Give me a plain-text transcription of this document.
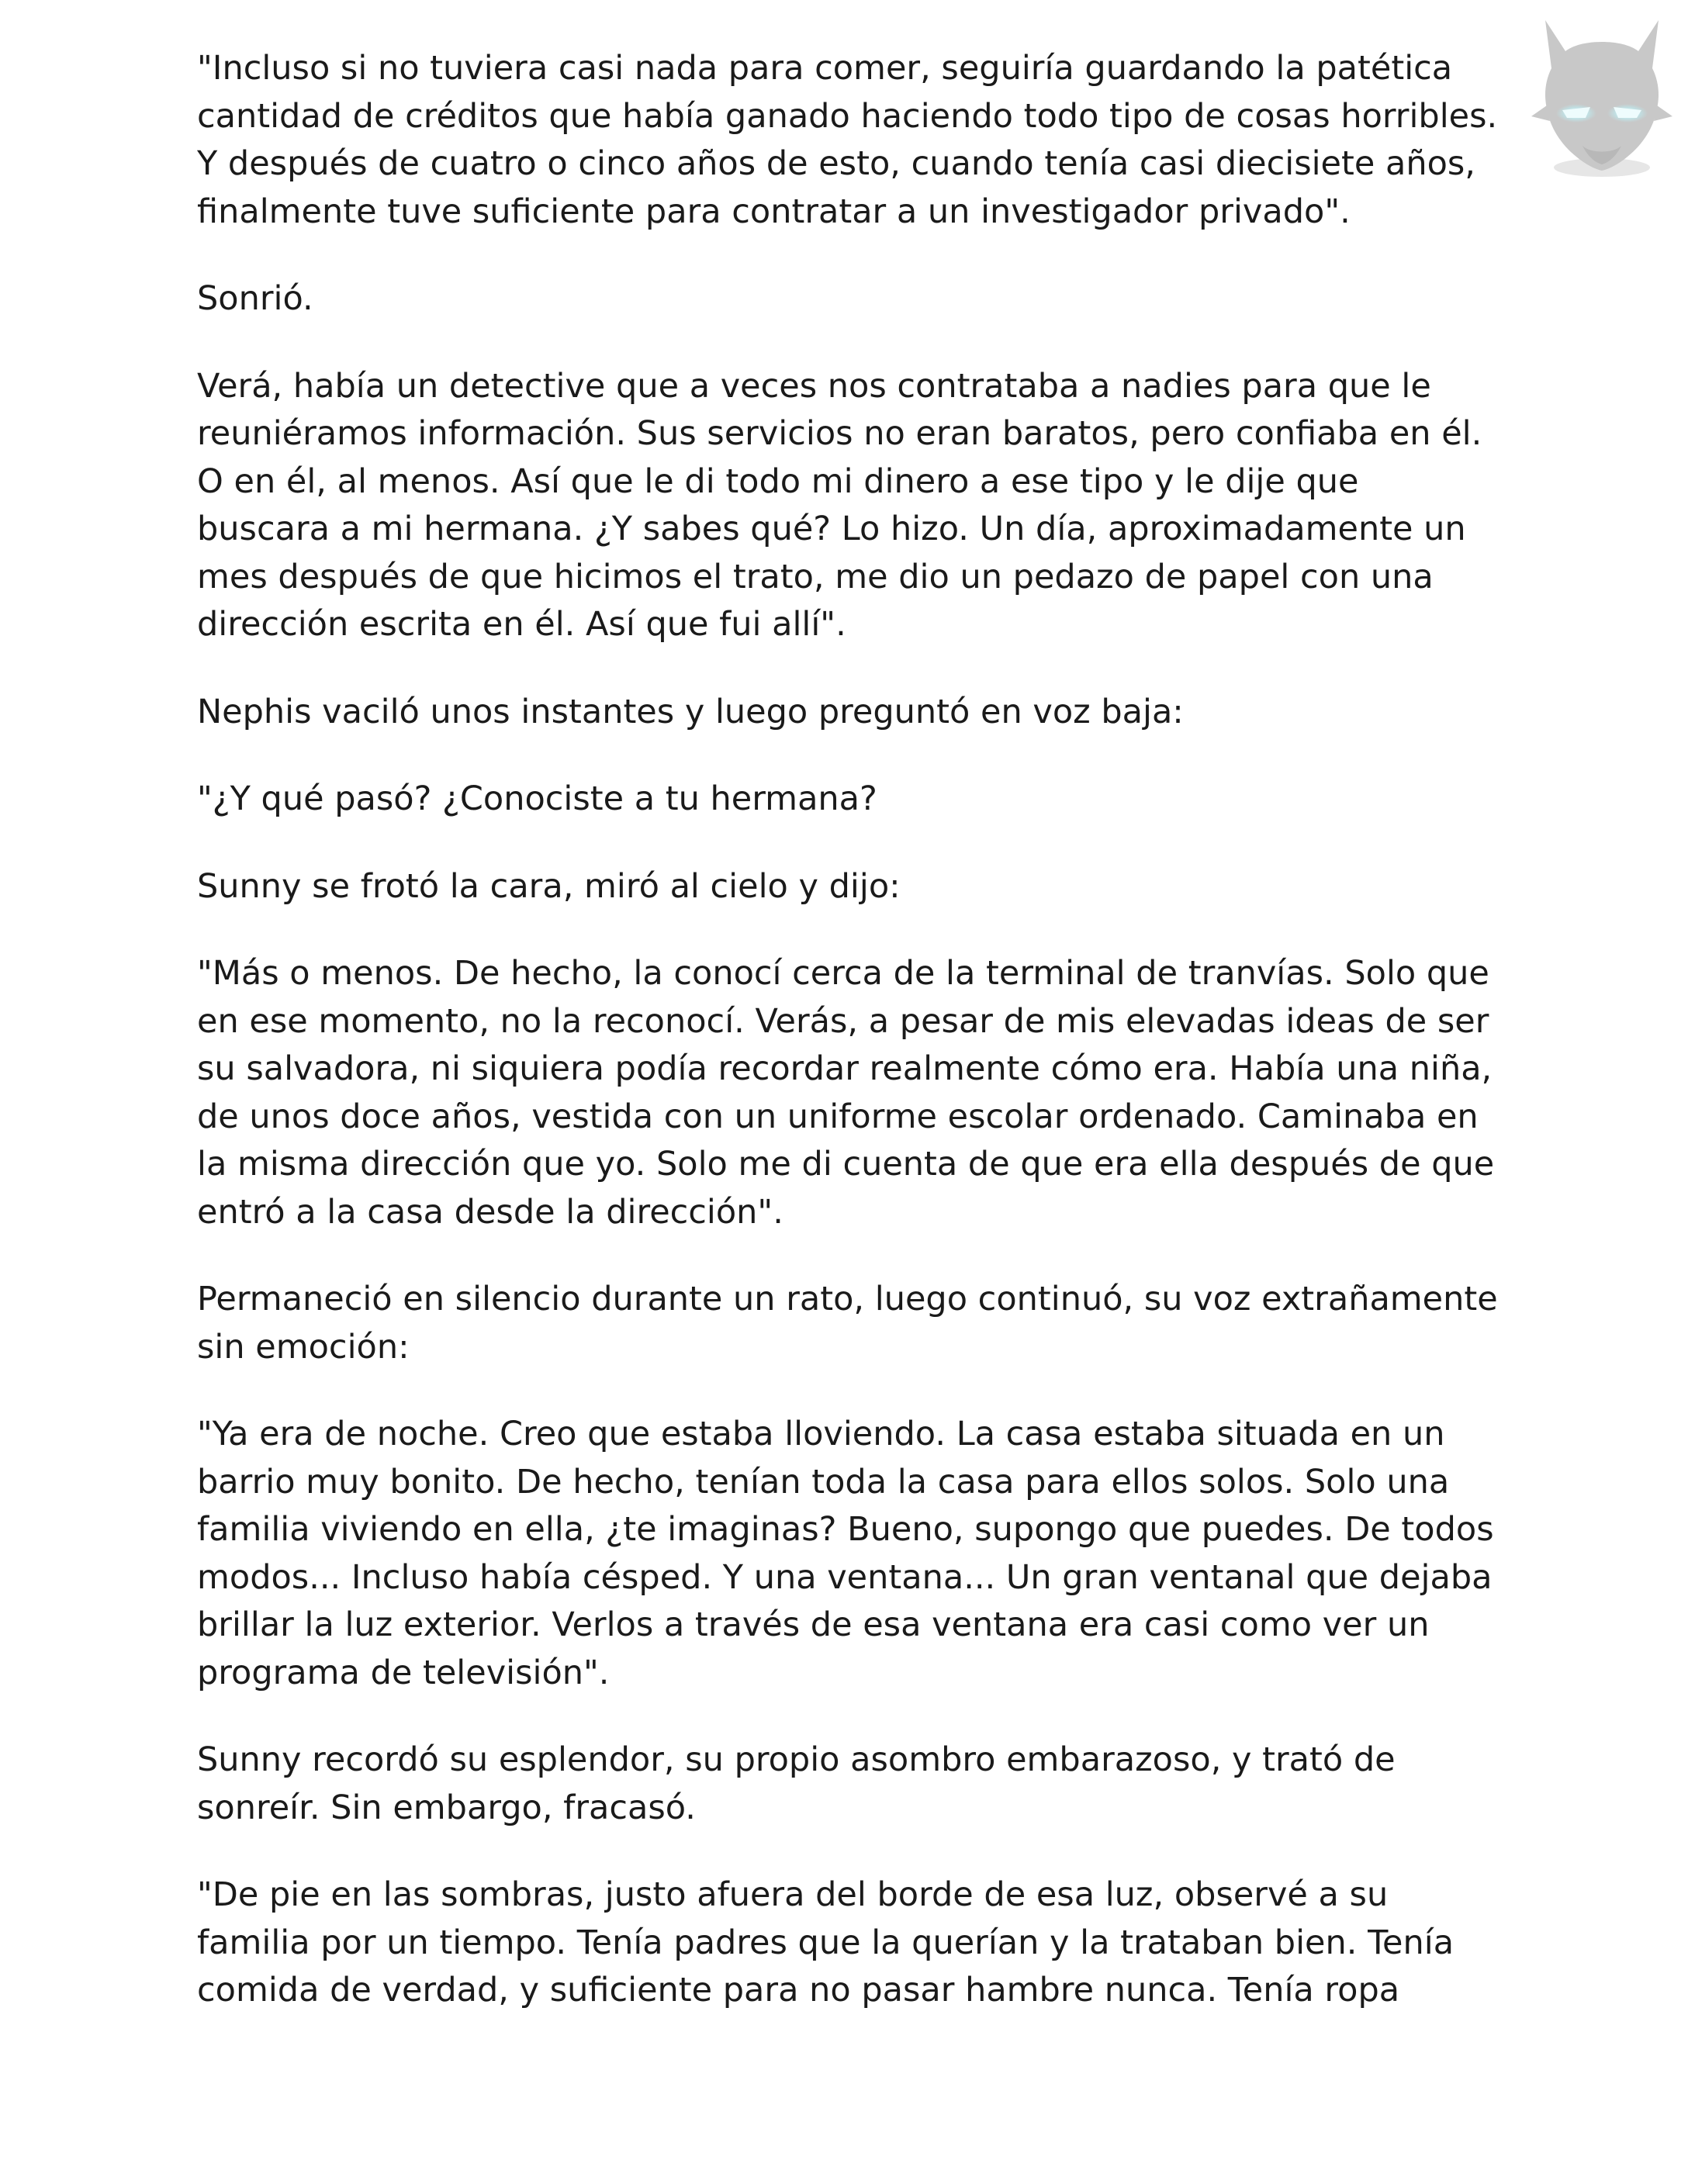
"Incluso si no tuviera casi nada para comer, seguiría guardando la patética cantidad de créditos que había ganado haciendo todo tipo de cosas horribles. Y después de cuatro o cinco años de esto, cuando tenía casi diecisiete años, finalmente tuve suficiente para contratar a un investigador privado".

Sonrió.

Verá, había un detective que a veces nos contrataba a nadies para que le reuniéramos información. Sus servicios no eran baratos, pero confiaba en él. O en él, al menos. Así que le di todo mi dinero a ese tipo y le dije que buscara a mi hermana. ¿Y sabes qué? Lo hizo. Un día, aproximadamente un mes después de que hicimos el trato, me dio un pedazo de papel con una dirección escrita en él. Así que fui allí".

Nephis vaciló unos instantes y luego preguntó en voz baja:

"¿Y qué pasó? ¿Conociste a tu hermana?

Sunny se frotó la cara, miró al cielo y dijo:

"Más o menos. De hecho, la conocí cerca de la terminal de tranvías. Solo que en ese momento, no la reconocí. Verás, a pesar de mis elevadas ideas de ser su salvadora, ni siquiera podía recordar realmente cómo era. Había una niña, de unos doce años, vestida con un uniforme escolar ordenado. Caminaba en la misma dirección que yo. Solo me di cuenta de que era ella después de que entró a la casa desde la dirección".

Permaneció en silencio durante un rato, luego continuó, su voz extrañamente sin emoción:

"Ya era de noche. Creo que estaba lloviendo. La casa estaba situada en un barrio muy bonito. De hecho, tenían toda la casa para ellos solos. Solo una familia viviendo en ella, ¿te imaginas? Bueno, supongo que puedes. De todos modos... Incluso había césped. Y una ventana... Un gran ventanal que dejaba brillar la luz exterior. Verlos a través de esa ventana era casi como ver un programa de televisión".

Sunny recordó su esplendor, su propio asombro embarazoso, y trató de sonreír. Sin embargo, fracasó.

"De pie en las sombras, justo afuera del borde de esa luz, observé a su familia por un tiempo. Tenía padres que la querían y la trataban bien. Tenía comida de verdad, y suficiente para no pasar hambre nunca. Tenía ropa
